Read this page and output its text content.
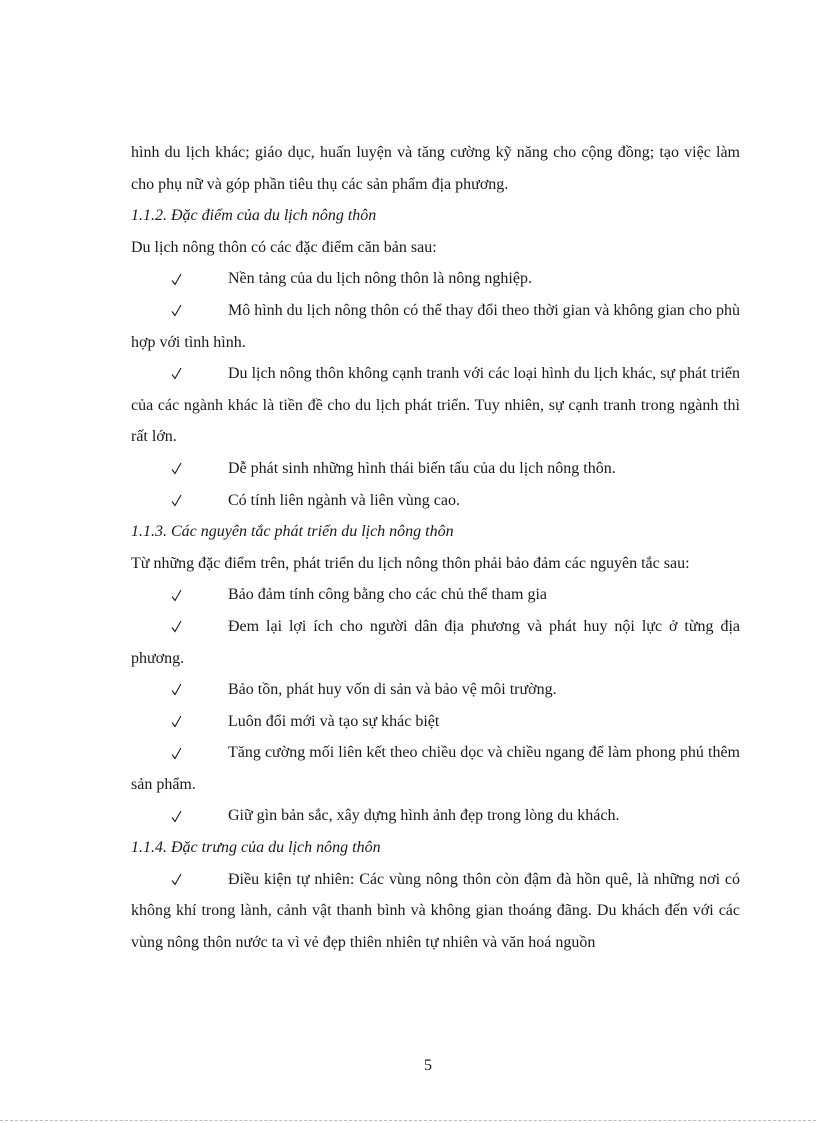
hình du lịch khác; giáo dục, huấn luyện và tăng cường kỹ năng cho cộng đồng; tạo việc làm cho phụ nữ và góp phần tiêu thụ các sản phẩm địa phương.

1.1.2. Đặc điểm của du lịch nông thôn

Du lịch nông thôn có các đặc điểm căn bản sau:

Nền tảng của du lịch nông thôn là nông nghiệp.

Mô hình du lịch nông thôn có thể thay đổi theo thời gian và không gian cho phù hợp với tình hình.

Du lịch nông thôn không cạnh tranh với các loại hình du lịch khác, sự phát triển của các ngành khác là tiền đề cho du lịch phát triển. Tuy nhiên, sự cạnh tranh trong ngành thì rất lớn.

Dễ phát sinh những hình thái biến tấu của du lịch nông thôn.

Có tính liên ngành và liên vùng cao.

1.1.3. Các nguyên tắc phát triển du lịch nông thôn

Từ những đặc điểm trên, phát triển du lịch nông thôn phải bảo đảm các nguyên tắc sau:

Bảo đảm tính công bằng cho các chủ thể tham gia

Đem lại lợi ích cho người dân địa phương và phát huy nội lực ở từng địa phương.

Bảo tồn, phát huy vốn di sản và bảo vệ môi trường.

Luôn đổi mới và tạo sự khác biệt

Tăng cường mối liên kết theo chiều dọc và chiều ngang để làm phong phú thêm sản phẩm.

Giữ gìn bản sắc, xây dựng hình ảnh đẹp trong lòng du khách.

1.1.4. Đặc trưng của du lịch nông thôn

Điều kiện tự nhiên: Các vùng nông thôn còn đậm đà hồn quê, là những nơi có không khí trong lành, cảnh vật thanh bình và không gian thoáng đãng. Du khách đến với các vùng nông thôn nước ta vì vẻ đẹp thiên nhiên tự nhiên và văn hoá nguồn

5
